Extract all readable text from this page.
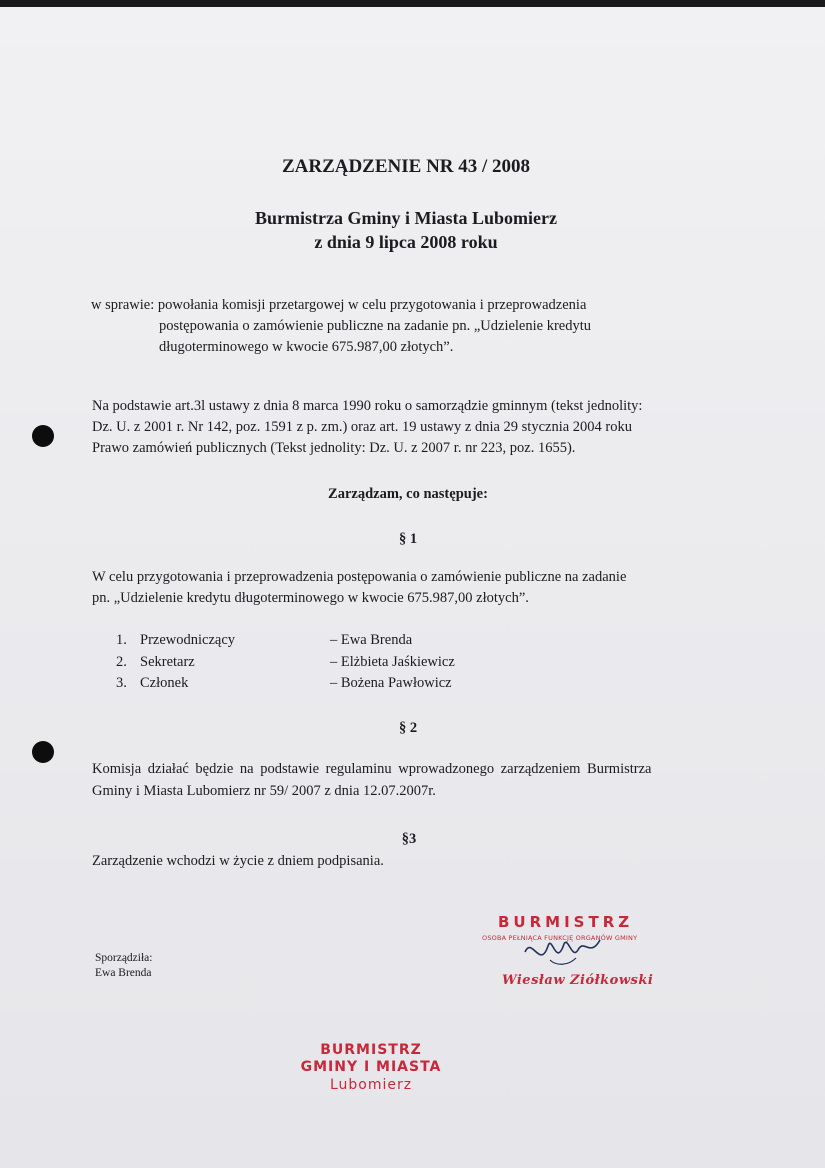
ZARZĄDZENIE NR 43 / 2008
Burmistrza Gminy i Miasta Lubomierz
z dnia 9 lipca 2008 roku
w sprawie: powołania komisji przetargowej w celu przygotowania i przeprowadzenia
postępowania o zamówienie publiczne na zadanie pn. „Udzielenie kredytu
długoterminowego w kwocie 675.987,00 złotych”.
Na podstawie art.3l ustawy z dnia 8 marca 1990 roku o samorządzie gminnym (tekst jednolity:
Dz. U. z 2001 r. Nr 142, poz. 1591 z p. zm.) oraz art. 19 ustawy z dnia 29 stycznia 2004 roku
Prawo zamówień publicznych (Tekst jednolity: Dz. U. z 2007 r. nr 223, poz. 1655).
Zarządzam, co następuje:
§ 1
W celu przygotowania i przeprowadzenia postępowania o zamówienie publiczne na zadanie
pn. „Udzielenie kredytu długoterminowego w kwocie 675.987,00 złotych”.
1.	Przewodniczący	– Ewa Brenda
2.	Sekretarz	– Elżbieta Jaśkiewicz
3.	Członek	– Bożena Pawłowicz
§ 2
Komisja działać będzie na podstawie regulaminu wprowadzonego zarządzeniem Burmistrza
Gminy i Miasta Lubomierz nr 59/ 2007 z dnia 12.07.2007r.
§3
Zarządzenie wchodzi w życie z dniem podpisania.
Sporządziła:
Ewa Brenda
BURMISTRZ
OSOBA PEŁNIĄCA FUNKCJĘ ORGANÓW GMINY
Wiesław Ziółkowski
BURMISTRZ
GMINY I MIASTA
Lubomierz
